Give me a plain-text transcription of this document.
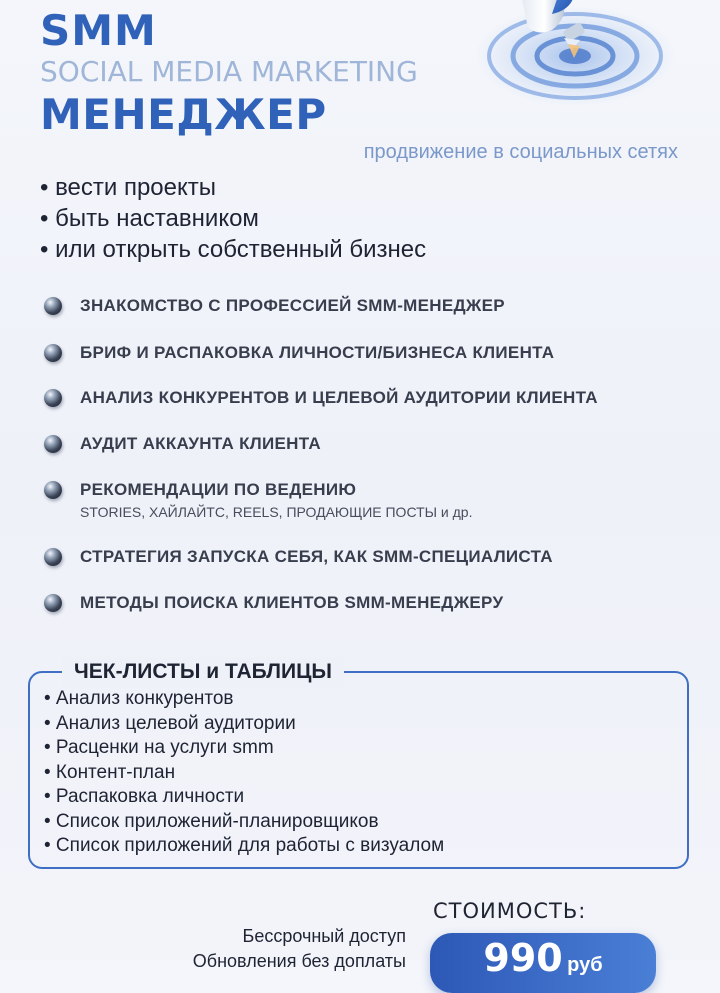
SMM
SOCIAL MEDIA MARKETING
МЕНЕДЖЕР
продвижение в социальных сетях
• вести проекты
• быть наставником
• или открыть собственный бизнес
ЗНАКОМСТВО С ПРОФЕССИЕЙ SMM-МЕНЕДЖЕР
БРИФ И РАСПАКОВКА ЛИЧНОСТИ/БИЗНЕСА КЛИЕНТА
АНАЛИЗ КОНКУРЕНТОВ И ЦЕЛЕВОЙ АУДИТОРИИ КЛИЕНТА
АУДИТ АККАУНТА КЛИЕНТА
РЕКОМЕНДАЦИИ ПО ВЕДЕНИЮ
STORIES, ХАЙЛАЙТС, REELS, ПРОДАЮЩИЕ ПОСТЫ и др.
СТРАТЕГИЯ ЗАПУСКА СЕБЯ, КАК SMM-СПЕЦИАЛИСТА
МЕТОДЫ ПОИСКА КЛИЕНТОВ SMM-МЕНЕДЖЕРУ
ЧЕК-ЛИСТЫ и ТАБЛИЦЫ
• Анализ конкурентов
• Анализ целевой аудитории
• Расценки на услуги smm
• Контент-план
• Распаковка личности
• Список приложений-планировщиков
• Список приложений для работы с визуалом
СТОИМОСТЬ:
Бессрочный доступ
Обновления без доплаты	990 руб
